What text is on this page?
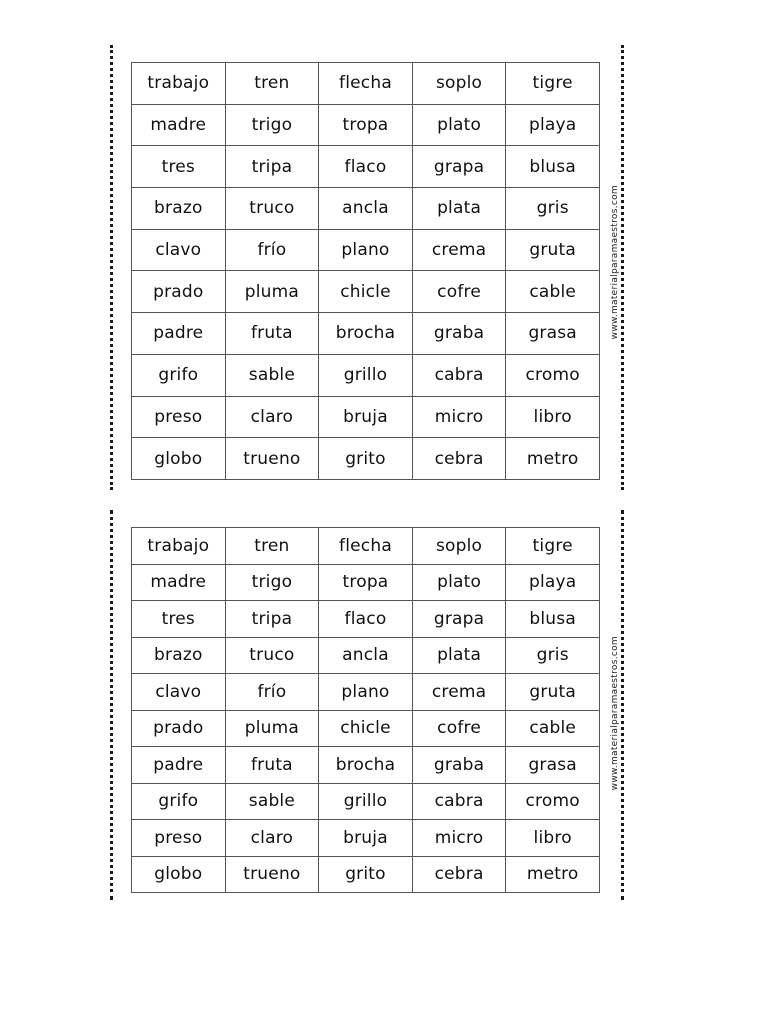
trabajo	tren	flecha	soplo	tigre
madre	trigo	tropa	plato	playa
tres	tripa	flaco	grapa	blusa
brazo	truco	ancla	plata	gris
clavo	frío	plano	crema	gruta
prado	pluma	chicle	cofre	cable
padre	fruta	brocha	graba	grasa
grifo	sable	grillo	cabra	cromo
preso	claro	bruja	micro	libro
globo	trueno	grito	cebra	metro
www.materialparamaestros.com
trabajo	tren	flecha	soplo	tigre
madre	trigo	tropa	plato	playa
tres	tripa	flaco	grapa	blusa
brazo	truco	ancla	plata	gris
clavo	frío	plano	crema	gruta
prado	pluma	chicle	cofre	cable
padre	fruta	brocha	graba	grasa
grifo	sable	grillo	cabra	cromo
preso	claro	bruja	micro	libro
globo	trueno	grito	cebra	metro
www.materialparamaestros.com
